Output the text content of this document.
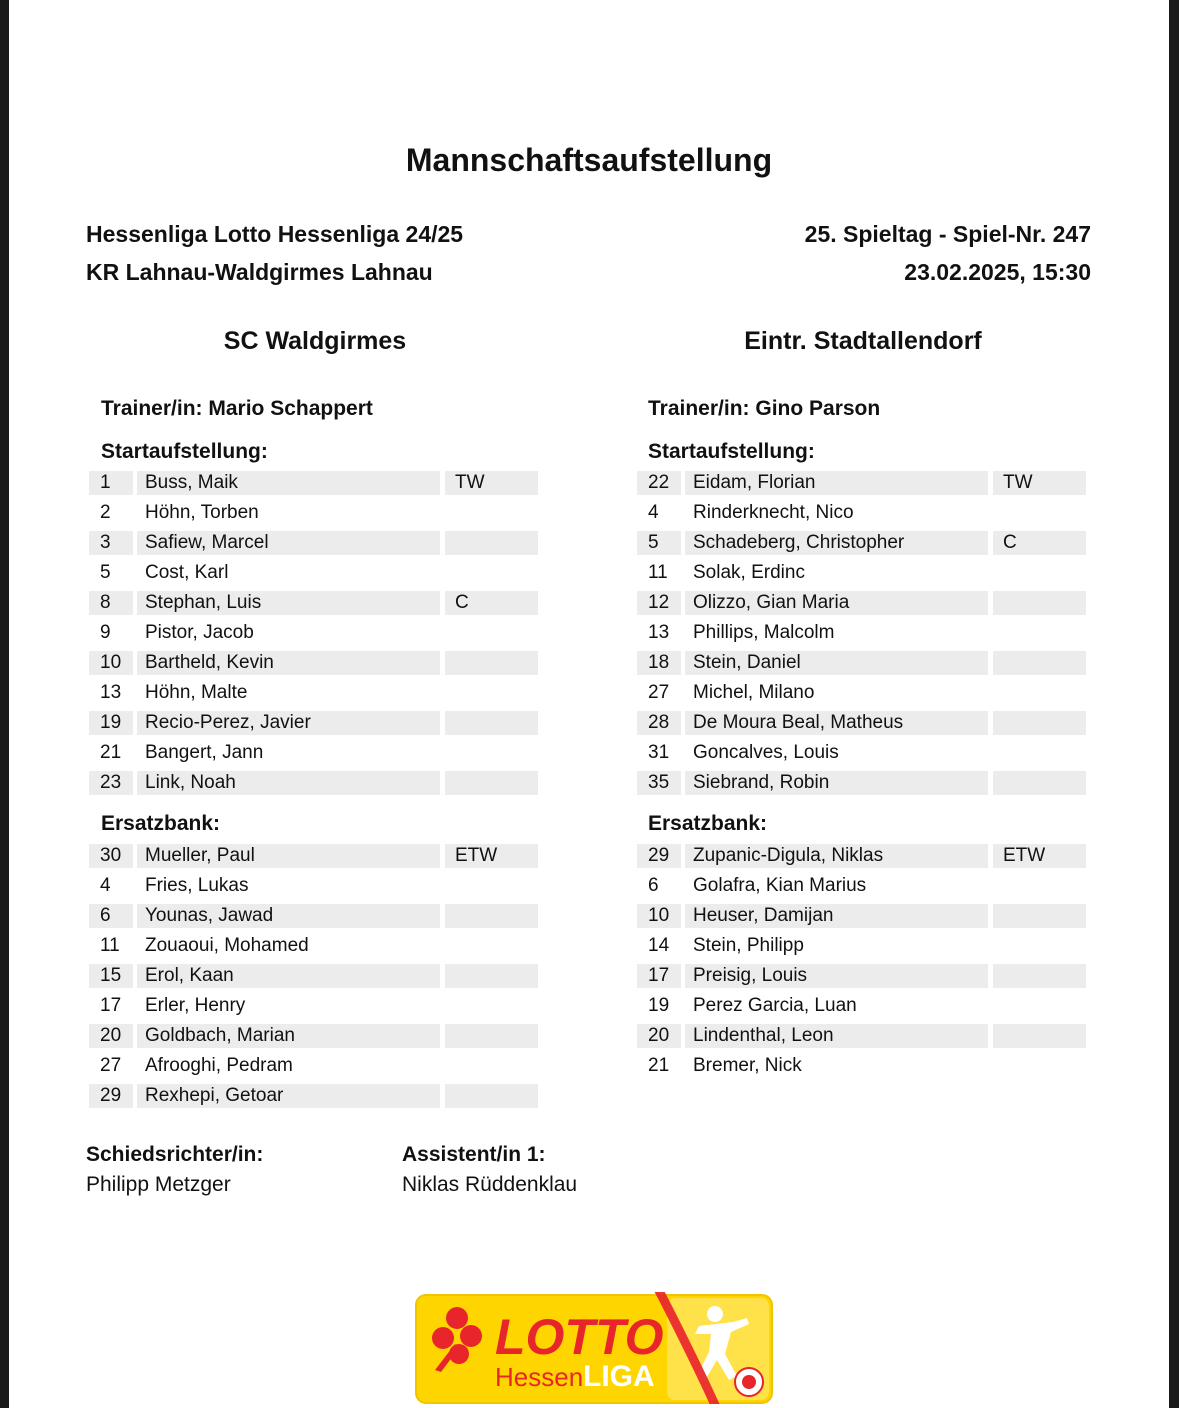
Mannschaftsaufstellung
Hessenliga Lotto Hessenliga 24/25
KR Lahnau-Waldgirmes Lahnau
25. Spieltag - Spiel-Nr. 247
23.02.2025, 15:30
SC Waldgirmes	Eintr. Stadtallendorf
Trainer/in: Mario Schappert	Trainer/in: Gino Parson
Startaufstellung:	Startaufstellung:
1	Buss, Maik	TW
2	Höhn, Torben
3	Safiew, Marcel
5	Cost, Karl
8	Stephan, Luis	C
9	Pistor, Jacob
10	Bartheld, Kevin
13	Höhn, Malte
19	Recio-Perez, Javier
21	Bangert, Jann
23	Link, Noah
22	Eidam, Florian	TW
4	Rinderknecht, Nico
5	Schadeberg, Christopher	C
11	Solak, Erdinc
12	Olizzo, Gian Maria
13	Phillips, Malcolm
18	Stein, Daniel
27	Michel, Milano
28	De Moura Beal, Matheus
31	Goncalves, Louis
35	Siebrand, Robin
Ersatzbank:	Ersatzbank:
30	Mueller, Paul	ETW
4	Fries, Lukas
6	Younas, Jawad
11	Zouaoui, Mohamed
15	Erol, Kaan
17	Erler, Henry
20	Goldbach, Marian
27	Afrooghi, Pedram
29	Rexhepi, Getoar
29	Zupanic-Digula, Niklas	ETW
6	Golafra, Kian Marius
10	Heuser, Damijan
14	Stein, Philipp
17	Preisig, Louis
19	Perez Garcia, Luan
20	Lindenthal, Leon
21	Bremer, Nick
Schiedsrichter/in:
Philipp Metzger
Assistent/in 1:
Niklas Rüddenklau
LOTTO
Hessen LIGA
